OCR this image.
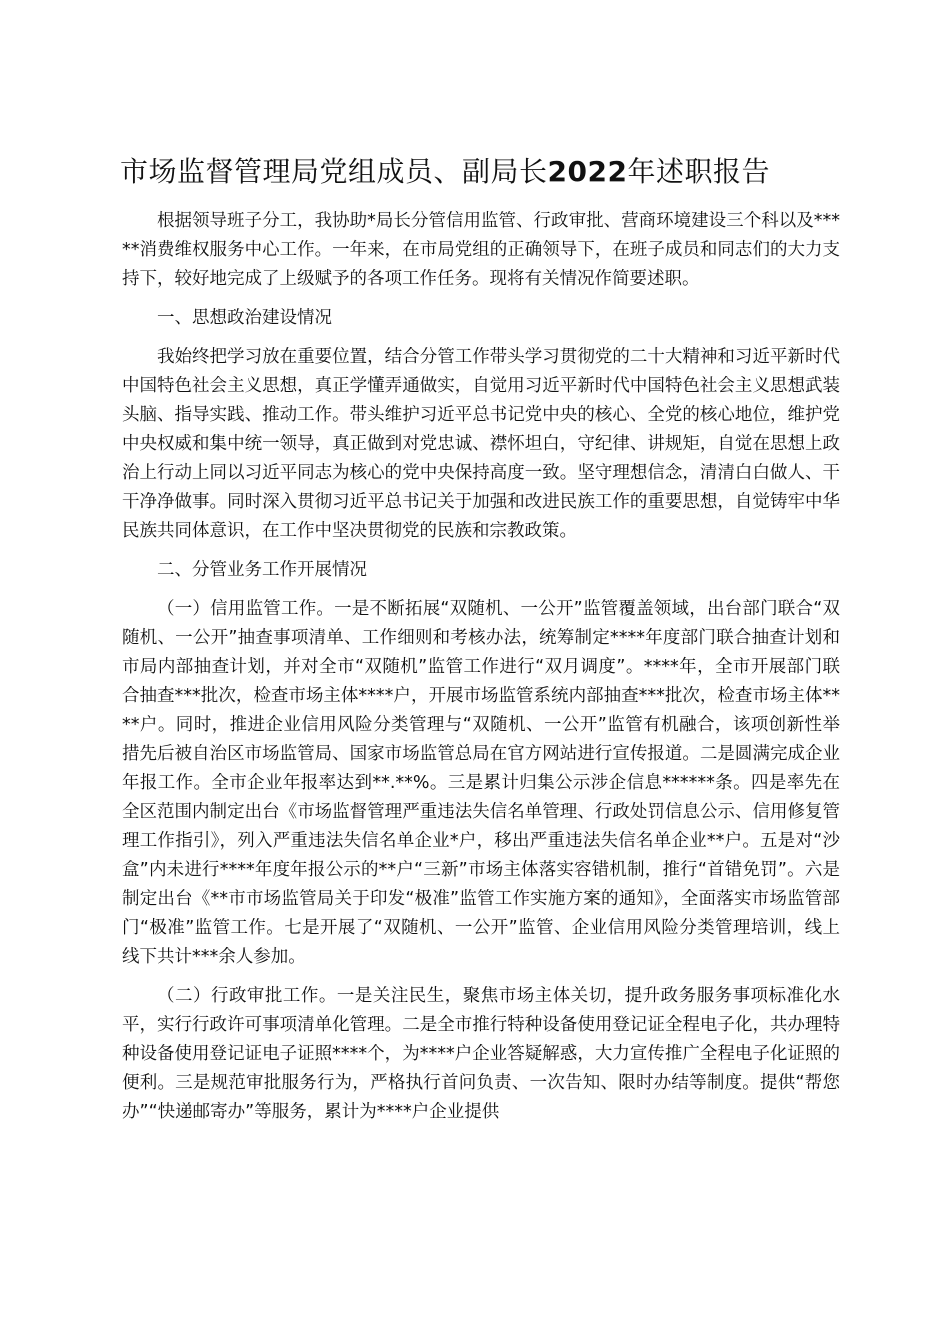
市场监督管理局党组成员、副局长2022年述职报告

根据领导班子分工，我协助*局长分管信用监管、行政审批、营商环境建设三个科以及*****消费维权服务中心工作。一年来，在市局党组的正确领导下，在班子成员和同志们的大力支持下，较好地完成了上级赋予的各项工作任务。现将有关情况作简要述职。

一、思想政治建设情况

我始终把学习放在重要位置，结合分管工作带头学习贯彻党的二十大精神和习近平新时代中国特色社会主义思想，真正学懂弄通做实，自觉用习近平新时代中国特色社会主义思想武装头脑、指导实践、推动工作。带头维护习近平总书记党中央的核心、全党的核心地位，维护党中央权威和集中统一领导，真正做到对党忠诚、襟怀坦白，守纪律、讲规矩，自觉在思想上政治上行动上同以习近平同志为核心的党中央保持高度一致。坚守理想信念，清清白白做人、干干净净做事。同时深入贯彻习近平总书记关于加强和改进民族工作的重要思想，自觉铸牢中华民族共同体意识，在工作中坚决贯彻党的民族和宗教政策。

二、分管业务工作开展情况

（一）信用监管工作。一是不断拓展“双随机、一公开”监管覆盖领域，出台部门联合“双随机、一公开”抽查事项清单、工作细则和考核办法，统筹制定****年度部门联合抽查计划和市局内部抽查计划，并对全市“双随机”监管工作进行“双月调度”。****年，全市开展部门联合抽查***批次，检查市场主体****户，开展市场监管系统内部抽查***批次，检查市场主体****户。同时，推进企业信用风险分类管理与“双随机、一公开”监管有机融合，该项创新性举措先后被自治区市场监管局、国家市场监管总局在官方网站进行宣传报道。二是圆满完成企业年报工作。全市企业年报率达到**.**%。三是累计归集公示涉企信息******条。四是率先在全区范围内制定出台《市场监督管理严重违法失信名单管理、行政处罚信息公示、信用修复管理工作指引》，列入严重违法失信名单企业*户，移出严重违法失信名单企业**户。五是对“沙盒”内未进行****年度年报公示的**户“三新”市场主体落实容错机制，推行“首错免罚”。六是制定出台《**市市场监管局关于印发“极准”监管工作实施方案的通知》，全面落实市场监管部门“极准”监管工作。七是开展了“双随机、一公开”监管、企业信用风险分类管理培训，线上线下共计***余人参加。

（二）行政审批工作。一是关注民生，聚焦市场主体关切，提升政务服务事项标准化水平，实行行政许可事项清单化管理。二是全市推行特种设备使用登记证全程电子化，共办理特种设备使用登记证电子证照****个，为****户企业答疑解惑，大力宣传推广全程电子化证照的便利。三是规范审批服务行为，严格执行首问负责、一次告知、限时办结等制度。提供“帮您办”“快递邮寄办”等服务，累计为****户企业提供
